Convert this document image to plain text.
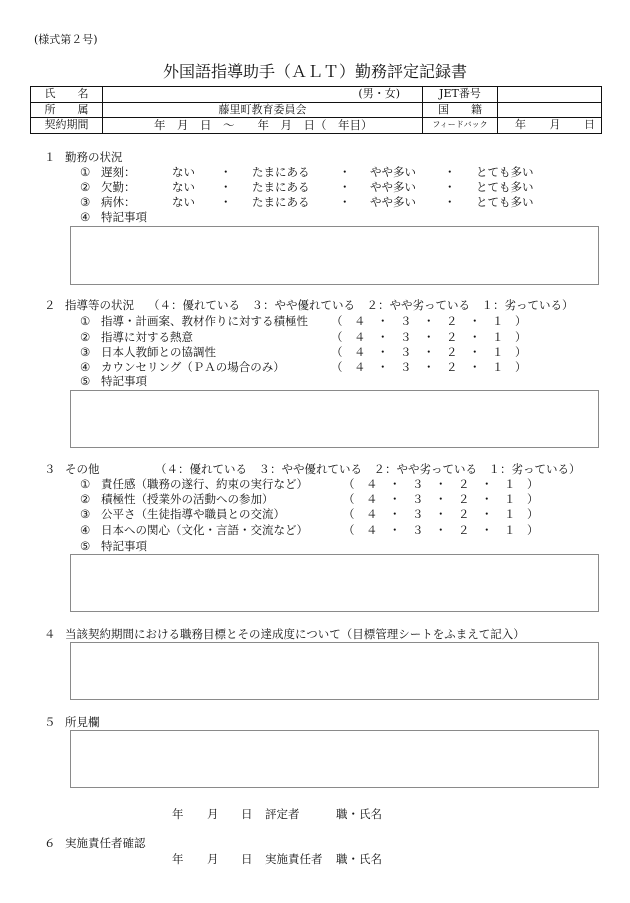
(様式第２号)
外国語指導助手（ＡＬＴ）勤務評定記録書
氏　　名	(男・女)	JET番号	
所　　属	藤里町教育委員会	国　　籍	
契約期間	年　月　日　～　　年　月　日（　年目）	フィードバック	年　　月　　日
１ 勤務の状況
① 遅刻：	ない ・ たまにある	・ やや多い ・ とても多い
② 欠勤：	ない ・ たまにある	・ やや多い ・ とても多い
③ 病休：	ない ・ たまにある	・ やや多い ・ とても多い
④ 特記事項
２ 指導等の状況 （４：優れている　３：やや優れている　２：やや劣っている　１：劣っている）
① 指導・計画案、教材作りに対する積極性 （　４　・　３　・　２　・　１　）
② 指導に対する熱意	（　４　・　３　・　２　・　１　）
③ 日本人教師との協調性	（　４　・　３　・　２　・　１　）
④ カウンセリング（ＰＡの場合のみ）	（　４　・　３　・　２　・　１　）
⑤ 特記事項
３ その他	（４：優れている　３：やや優れている　２：やや劣っている　１：劣っている）
① 責任感（職務の遂行、約束の実行など）	（　４　・　３　・　２　・　１　）
② 積極性（授業外の活動への参加）	（　４　・　３　・　２　・　１　）
③ 公平さ（生徒指導や職員との交流）	（　４　・　３　・　２　・　１　）
④ 日本への関心（文化・言語・交流など）	（　４　・　３　・　２　・　１　）
⑤ 特記事項
４ 当該契約期間における職務目標とその達成度について（目標管理シートをふまえて記入）
５ 所見欄
年 月 日 評定者	職・氏名
６ 実施責任者確認
年 月 日 実施責任者 職・氏名
